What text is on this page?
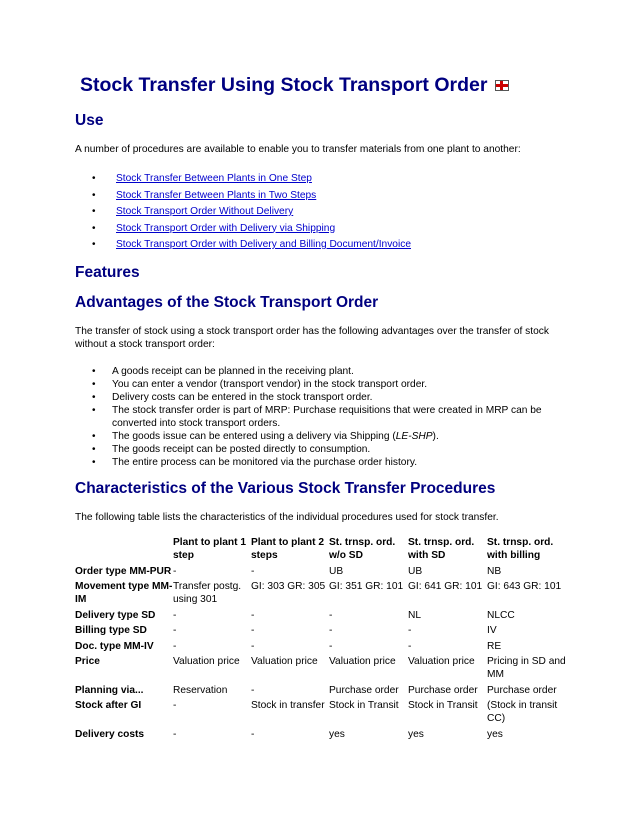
Stock Transfer Using Stock Transport Order
Use

A number of procedures are available to enable you to transfer materials from one plant to another:

• Stock Transfer Between Plants in One Step
• Stock Transfer Between Plants in Two Steps
• Stock Transport Order Without Delivery
• Stock Transport Order with Delivery via Shipping
• Stock Transport Order with Delivery and Billing Document/Invoice
Features
Advantages of the Stock Transport Order

The transfer of stock using a stock transport order has the following advantages over the transfer of stock without a stock transport order:

• A goods receipt can be planned in the receiving plant.
• You can enter a vendor (transport vendor) in the stock transport order.
• Delivery costs can be entered in the stock transport order.
• The stock transfer order is part of MRP: Purchase requisitions that were created in MRP can be converted into stock transport orders.
• The goods issue can be entered using a delivery via Shipping (LE-SHP).
• The goods receipt can be posted directly to consumption.
• The entire process can be monitored via the purchase order history.
Characteristics of the Various Stock Transfer Procedures

The following table lists the characteristics of the individual procedures used for stock transfer.

	Plant to plant 1 step	Plant to plant 2 steps	St. trnsp. ord. w/o SD	St. trnsp. ord. with SD	St. trnsp. ord. with billing
Order type MM-PUR	-	-	UB	UB	NB
Movement type MM-IM	Transfer postg. using 301	GI: 303 GR: 305	GI: 351 GR: 101	GI: 641 GR: 101	GI: 643 GR: 101
Delivery type SD	-	-	-	NL	NLCC
Billing type SD	-	-	-	-	IV
Doc. type MM-IV	-	-	-	-	RE
Price	Valuation price	Valuation price	Valuation price	Valuation price	Pricing in SD and MM
Planning via...	Reservation	-	Purchase order	Purchase order	Purchase order
Stock after GI	-	Stock in transfer	Stock in Transit	Stock in Transit	(Stock in transit CC)
Delivery costs	-	-	yes	yes	yes
